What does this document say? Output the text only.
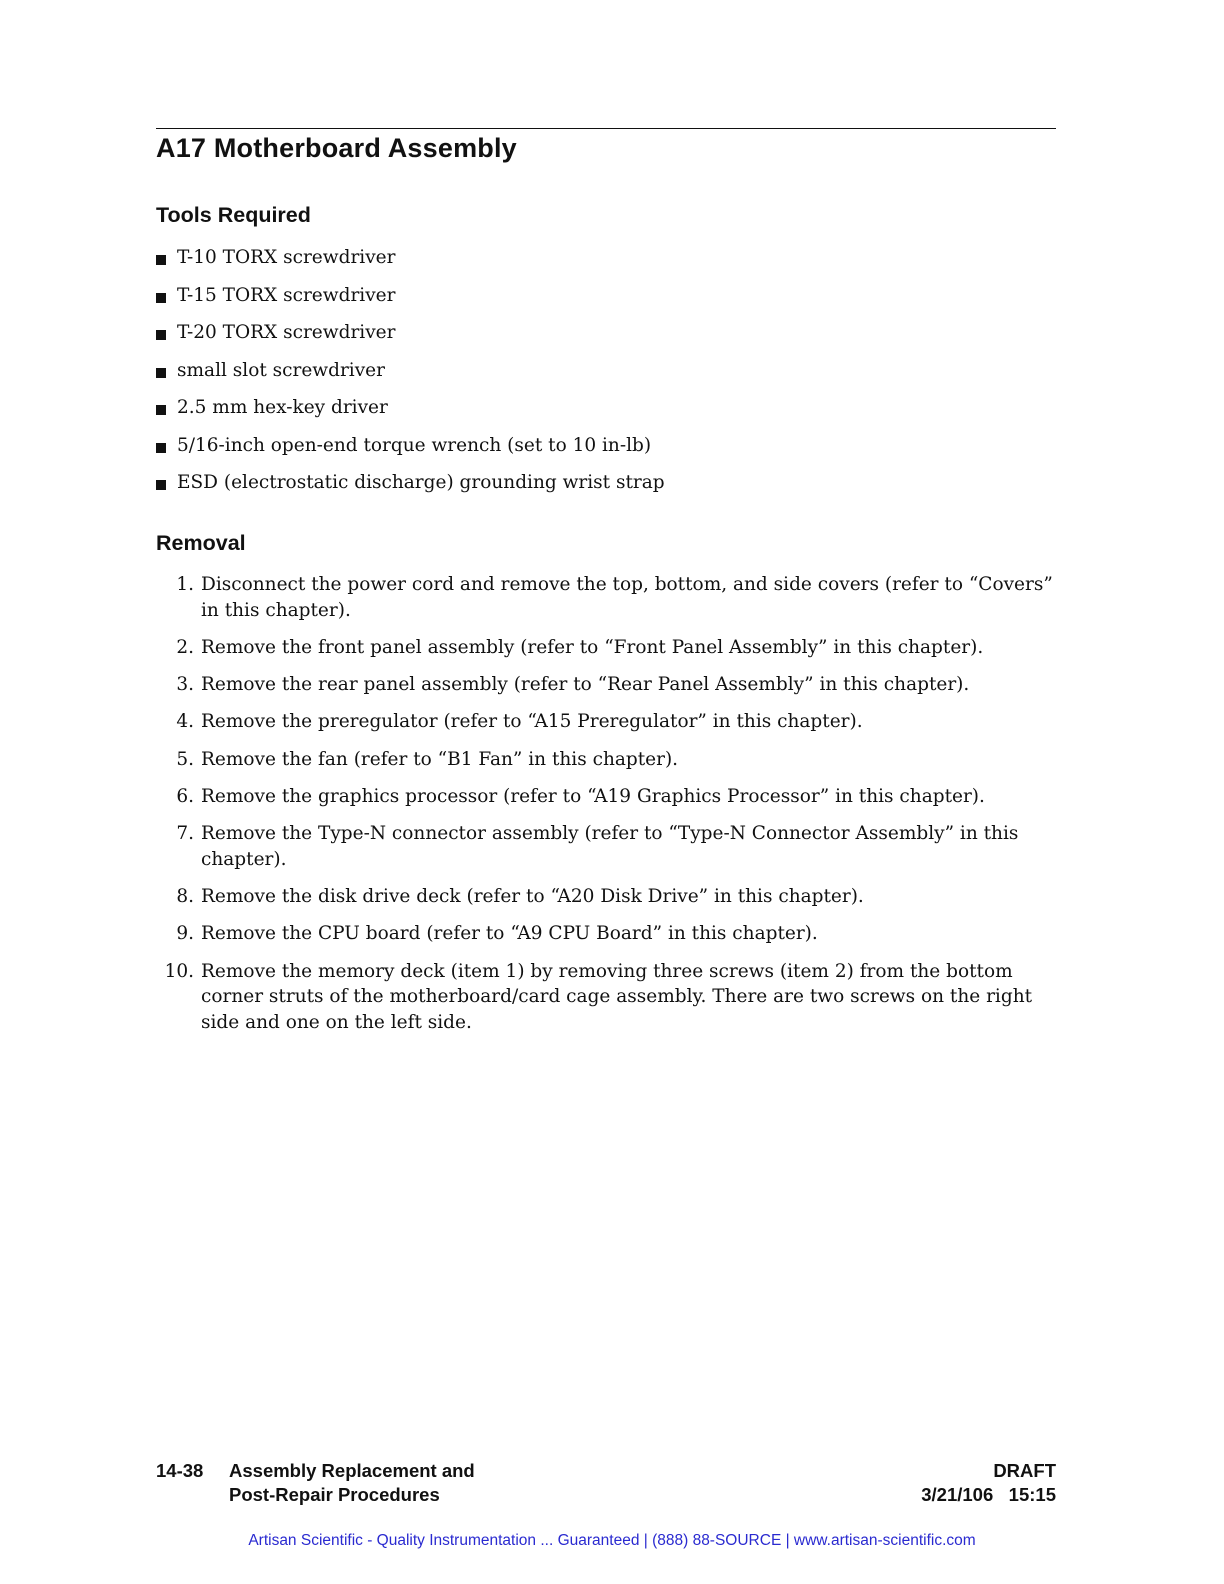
A17 Motherboard Assembly
Tools Required
T-10 TORX screwdriver
T-15 TORX screwdriver
T-20 TORX screwdriver
small slot screwdriver
2.5 mm hex-key driver
5/16-inch open-end torque wrench (set to 10 in-lb)
ESD (electrostatic discharge) grounding wrist strap
Removal
1. Disconnect the power cord and remove the top, bottom, and side covers (refer to “Covers” in this chapter).
2. Remove the front panel assembly (refer to “Front Panel Assembly” in this chapter).
3. Remove the rear panel assembly (refer to “Rear Panel Assembly” in this chapter).
4. Remove the preregulator (refer to “A15 Preregulator” in this chapter).
5. Remove the fan (refer to “B1 Fan” in this chapter).
6. Remove the graphics processor (refer to “A19 Graphics Processor” in this chapter).
7. Remove the Type-N connector assembly (refer to “Type-N Connector Assembly” in this chapter).
8. Remove the disk drive deck (refer to “A20 Disk Drive” in this chapter).
9. Remove the CPU board (refer to “A9 CPU Board” in this chapter).
10. Remove the memory deck (item 1) by removing three screws (item 2) from the bottom corner struts of the motherboard/card cage assembly. There are two screws on the right side and one on the left side.
14-38 Assembly Replacement and
Post-Repair Procedures
DRAFT
3/21/106 15:15
Artisan Scientific - Quality Instrumentation ... Guaranteed | (888) 88-SOURCE | www.artisan-scientific.com
